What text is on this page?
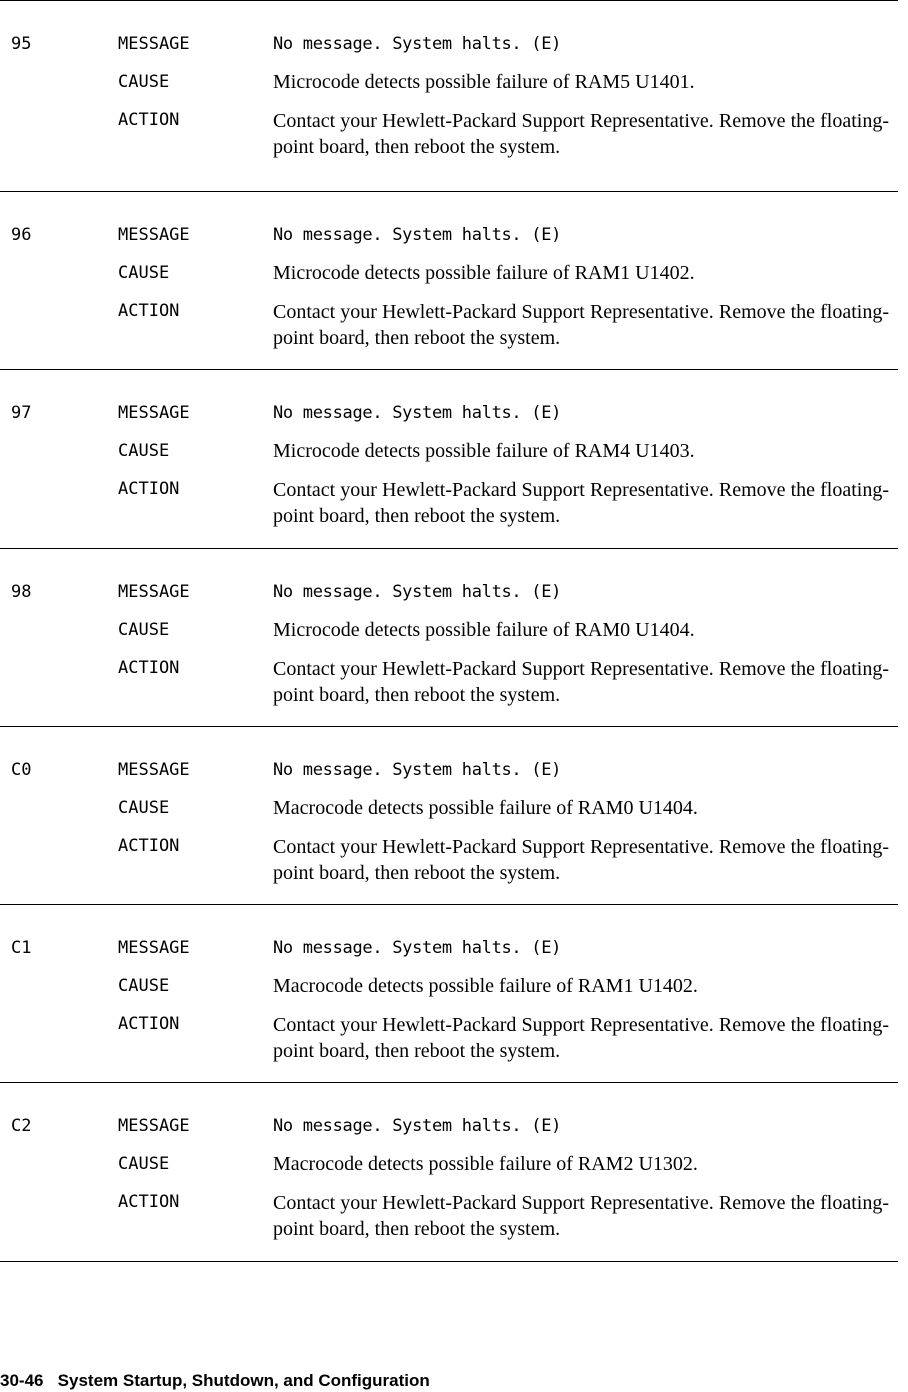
95	MESSAGE	No message. System halts. (E)
CAUSE	Microcode detects possible failure of RAM5 U1401.
ACTION	Contact your Hewlett-Packard Support Representative. Remove the floating-point board, then reboot the system.
96	MESSAGE	No message. System halts. (E)
CAUSE	Microcode detects possible failure of RAM1 U1402.
ACTION	Contact your Hewlett-Packard Support Representative. Remove the floating-point board, then reboot the system.
97	MESSAGE	No message. System halts. (E)
CAUSE	Microcode detects possible failure of RAM4 U1403.
ACTION	Contact your Hewlett-Packard Support Representative. Remove the floating-point board, then reboot the system.
98	MESSAGE	No message. System halts. (E)
CAUSE	Microcode detects possible failure of RAM0 U1404.
ACTION	Contact your Hewlett-Packard Support Representative. Remove the floating-point board, then reboot the system.
C0	MESSAGE	No message. System halts. (E)
CAUSE	Macrocode detects possible failure of RAM0 U1404.
ACTION	Contact your Hewlett-Packard Support Representative. Remove the floating-point board, then reboot the system.
C1	MESSAGE	No message. System halts. (E)
CAUSE	Macrocode detects possible failure of RAM1 U1402.
ACTION	Contact your Hewlett-Packard Support Representative. Remove the floating-point board, then reboot the system.
C2	MESSAGE	No message. System halts. (E)
CAUSE	Macrocode detects possible failure of RAM2 U1302.
ACTION	Contact your Hewlett-Packard Support Representative. Remove the floating-point board, then reboot the system.
30-46 System Startup, Shutdown, and Configuration
